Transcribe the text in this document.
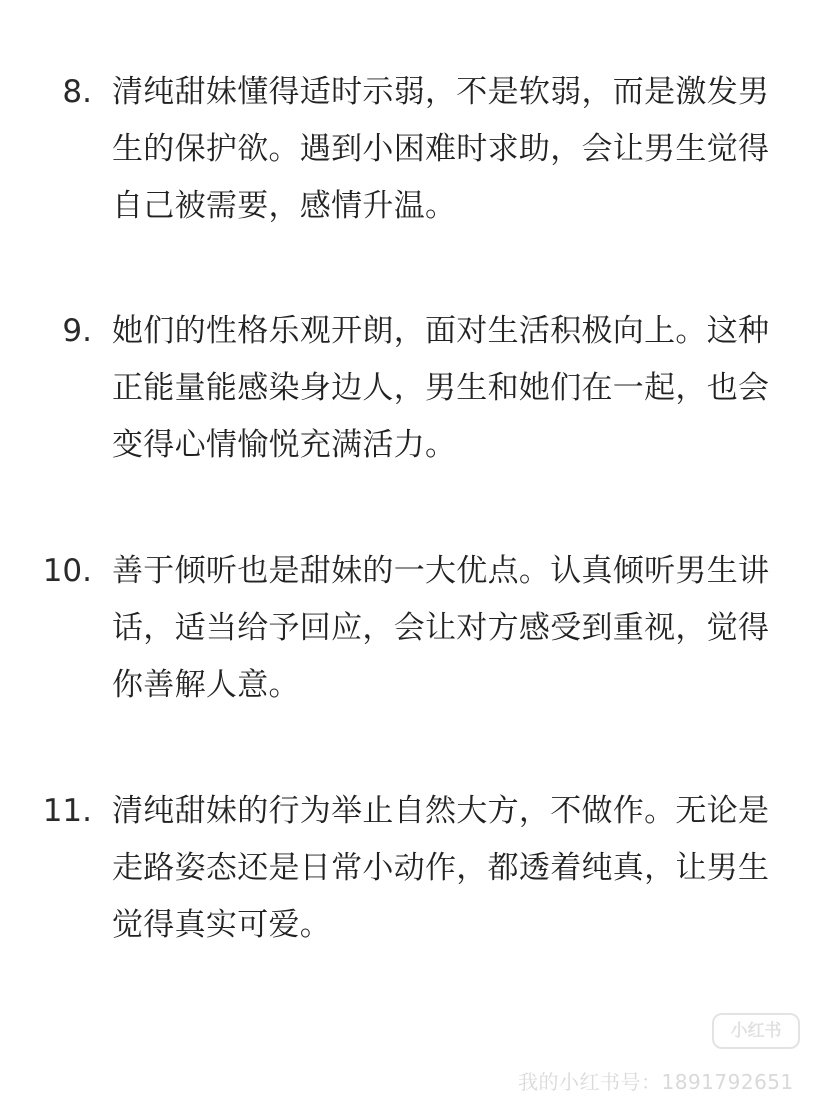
8. 清纯甜妹懂得适时示弱，不是软弱，而是激发男
生的保护欲。遇到小困难时求助，会让男生觉得
自己被需要，感情升温。
9. 她们的性格乐观开朗，面对生活积极向上。这种
正能量能感染身边人，男生和她们在一起，也会
变得心情愉悦充满活力。
10. 善于倾听也是甜妹的一大优点。认真倾听男生讲
话，适当给予回应，会让对方感受到重视，觉得
你善解人意。
11. 清纯甜妹的行为举止自然大方，不做作。无论是
走路姿态还是日常小动作，都透着纯真，让男生
觉得真实可爱。
小红书
我的小红书号：1891792651
